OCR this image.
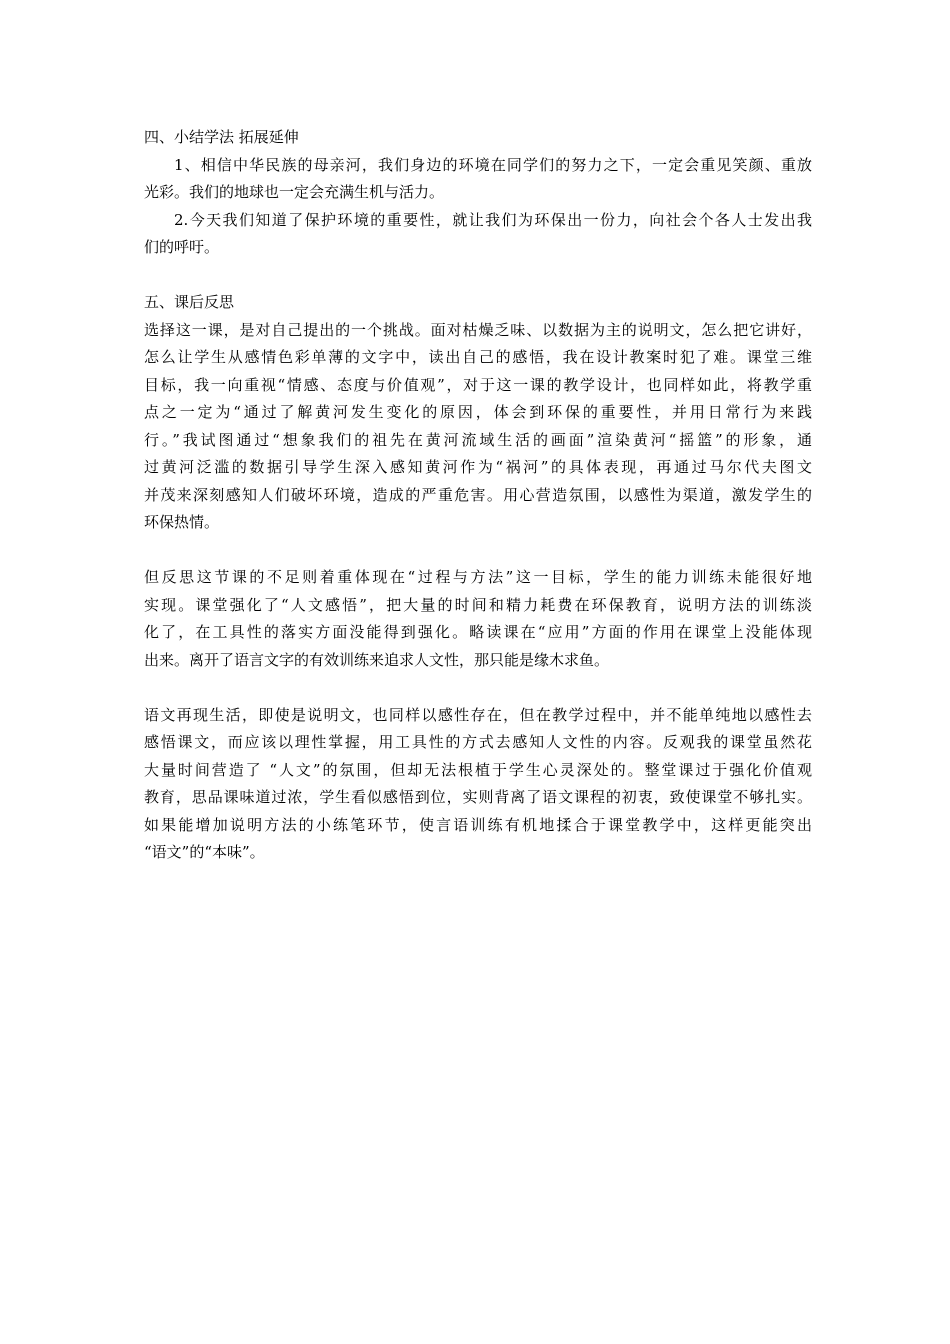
四、小结学法 拓展延伸
1、相信中华民族的母亲河，我们身边的环境在同学们的努力之下，一定会重见笑颜、重放
光彩。我们的地球也一定会充满生机与活力。
2.今天我们知道了保护环境的重要性，就让我们为环保出一份力，向社会个各人士发出我
们的呼吁。
五、课后反思
选择这一课，是对自己提出的一个挑战。面对枯燥乏味、以数据为主的说明文，怎么把它讲好，
怎么让学生从感情色彩单薄的文字中，读出自己的感悟，我在设计教案时犯了难。课堂三维
目标，我一向重视“情感、态度与价值观”，对于这一课的教学设计，也同样如此，将教学重
点之一定为“通过了解黄河发生变化的原因，体会到环保的重要性，并用日常行为来践
行。”我试图通过“想象我们的祖先在黄河流域生活的画面”渲染黄河“摇篮”的形象，通
过黄河泛滥的数据引导学生深入感知黄河作为“祸河”的具体表现，再通过马尔代夫图文
并茂来深刻感知人们破坏环境，造成的严重危害。用心营造氛围，以感性为渠道，激发学生的
环保热情。
但反思这节课的不足则着重体现在“过程与方法”这一目标，学生的能力训练未能很好地
实现。课堂强化了“人文感悟”，把大量的时间和精力耗费在环保教育，说明方法的训练淡
化了，在工具性的落实方面没能得到强化。略读课在“应用”方面的作用在课堂上没能体现
出来。离开了语言文字的有效训练来追求人文性，那只能是缘木求鱼。
语文再现生活，即使是说明文，也同样以感性存在，但在教学过程中，并不能单纯地以感性去
感悟课文，而应该以理性掌握，用工具性的方式去感知人文性的内容。反观我的课堂虽然花
大量时间营造了 “人文”的氛围，但却无法根植于学生心灵深处的。整堂课过于强化价值观
教育，思品课味道过浓，学生看似感悟到位，实则背离了语文课程的初衷，致使课堂不够扎实。
如果能增加说明方法的小练笔环节，使言语训练有机地揉合于课堂教学中，这样更能突出
“语文”的“本味”。
